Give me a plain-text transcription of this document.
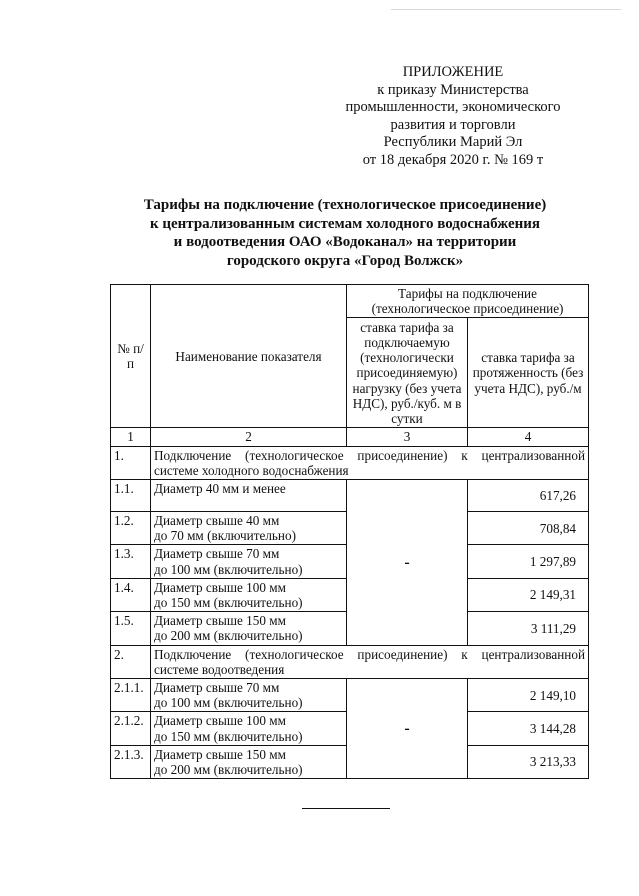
ПРИЛОЖЕНИЕ
к приказу Министерства
промышленности, экономического
развития и торговли
Республики Марий Эл
от 18 декабря 2020 г. № 169 т
Тарифы на подключение (технологическое присоединение)
к централизованным системам холодного водоснабжения
и водоотведения ОАО «Водоканал» на территории
городского округа «Город Волжск»
№ п/п	Наименование показателя	Тарифы на подключение (технологическое присоединение)	
		ставка тарифа за подключаемую (технологически присоединяемую) нагрузку (без учета НДС), руб./куб. м в сутки	ставка тарифа за протяженность (без учета НДС), руб./м
1	2	3	4
1.	Подключение (технологическое присоединение) к централизованной системе холодного водоснабжения		
1.1.	Диаметр 40 мм и менее	-	617,26
1.2.	Диаметр свыше 40 мм
до 70 мм (включительно)		708,84
1.3.	Диаметр свыше 70 мм
до 100 мм (включительно)		1 297,89
1.4.	Диаметр свыше 100 мм
до 150 мм (включительно)		2 149,31
1.5.	Диаметр свыше 150 мм
до 200 мм (включительно)		3 111,29
2.	Подключение (технологическое присоединение) к централизованной системе водоотведения		
2.1.1.	Диаметр свыше 70 мм
до 100 мм (включительно)	-	2 149,10
2.1.2.	Диаметр свыше 100 мм
до 150 мм (включительно)		3 144,28
2.1.3.	Диаметр свыше 150 мм
до 200 мм (включительно)		3 213,33
